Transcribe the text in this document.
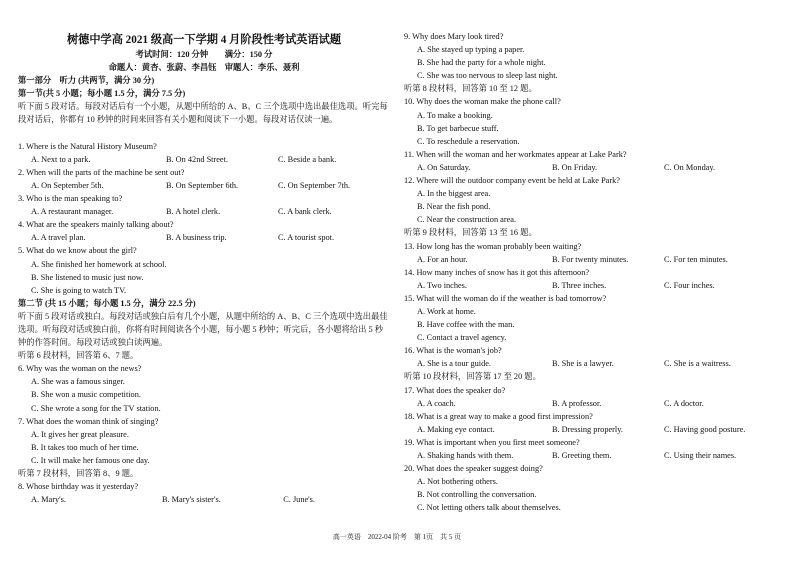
树德中学高 2021 级高一下学期 4 月阶段性考试英语试题
考试时间：120 分钟　　满分：150 分
命题人：黄杏、张蔚、李昌钰　审题人：李乐、聂利
第一部分　听力 (共两节，满分 30 分)
第一节(共 5 小题；每小题 1.5 分，满分 7.5 分)
听下面 5 段对话。每段对话后有一个小题，从题中所给的 A、B、C 三个选项中选出最佳选项。听完每段对话后，你都有 10 秒钟的时间来回答有关小题和阅读下一小题。每段对话仅读一遍。
1. Where is the Natural History Museum?
A. Next to a park.	B. On 42nd Street.	C. Beside a bank.
2. When will the parts of the machine be sent out?
A. On September 5th.	B. On September 6th.	C. On September 7th.
3. Who is the man speaking to?
A. A restaurant manager.	B. A hotel clerk.	C. A bank clerk.
4. What are the speakers mainly talking about?
A. A travel plan.	B. A business trip.	C. A tourist spot.
5. What do we know about the girl?
A. She finished her homework at school.
B. She listened to music just now.
C. She is going to watch TV.
第二节 (共 15 小题；每小题 1.5 分，满分 22.5 分)
听下面 5 段对话或独白。每段对话或独白后有几个小题，从题中所给的 A、B、C 三个选项中选出最佳选项。听每段对话或独白前，你将有时间阅读各个小题，每小题 5 秒钟；听完后，各小题将给出 5 秒钟的作答时间。每段对话或独白读两遍。
听第 6 段材料，回答第 6、7 题。
6. Why was the woman on the news?
A. She was a famous singer.
B. She won a music competition.
C. She wrote a song for the TV station.
7. What does the woman think of singing?
A. It gives her great pleasure.
B. It takes too much of her time.
C. It will make her famous one day.
听第 7 段材料，回答第 8、9 题。
8. Whose birthday was it yesterday?
A. Mary's.	B. Mary's sister's.	C. June's.
9. Why does Mary look tired?
A. She stayed up typing a paper.
B. She had the party for a whole night.
C. She was too nervous to sleep last night.
听第 8 段材料，回答第 10 至 12 题。
10. Why does the woman make the phone call?
A. To make a booking.
B. To get barbecue stuff.
C. To reschedule a reservation.
11. When will the woman and her workmates appear at Lake Park?
A. On Saturday.	B. On Friday.	C. On Monday.
12. Where will the outdoor company event be held at Lake Park?
A. In the biggest area.
B. Near the fish pond.
C. Near the construction area.
听第 9 段材料，回答第 13 至 16 题。
13. How long has the woman probably been waiting?
A. For an hour.	B. For twenty minutes.	C. For ten minutes.
14. How many inches of snow has it got this afternoon?
A. Two inches.	B. Three inches.	C. Four inches.
15. What will the woman do if the weather is bad tomorrow?
A. Work at home.
B. Have coffee with the man.
C. Contact a travel agency.
16. What is the woman's job?
A. She is a tour guide.	B. She is a lawyer.	C. She is a waitress.
听第 10 段材料，回答第 17 至 20 题。
17. What does the speaker do?
A. A coach.	B. A professor.	C. A doctor.
18. What is a great way to make a good first impression?
A. Making eye contact.	B. Dressing properly.	C. Having good posture.
19. What is important when you first meet someone?
A. Shaking hands with them.	B. Greeting them.	C. Using their names.
20. What does the speaker suggest doing?
A. Not bothering others.
B. Not controlling the conversation.
C. Not letting others talk about themselves.
高一英语　2022-04 阶考　第 1页　共 5 页
